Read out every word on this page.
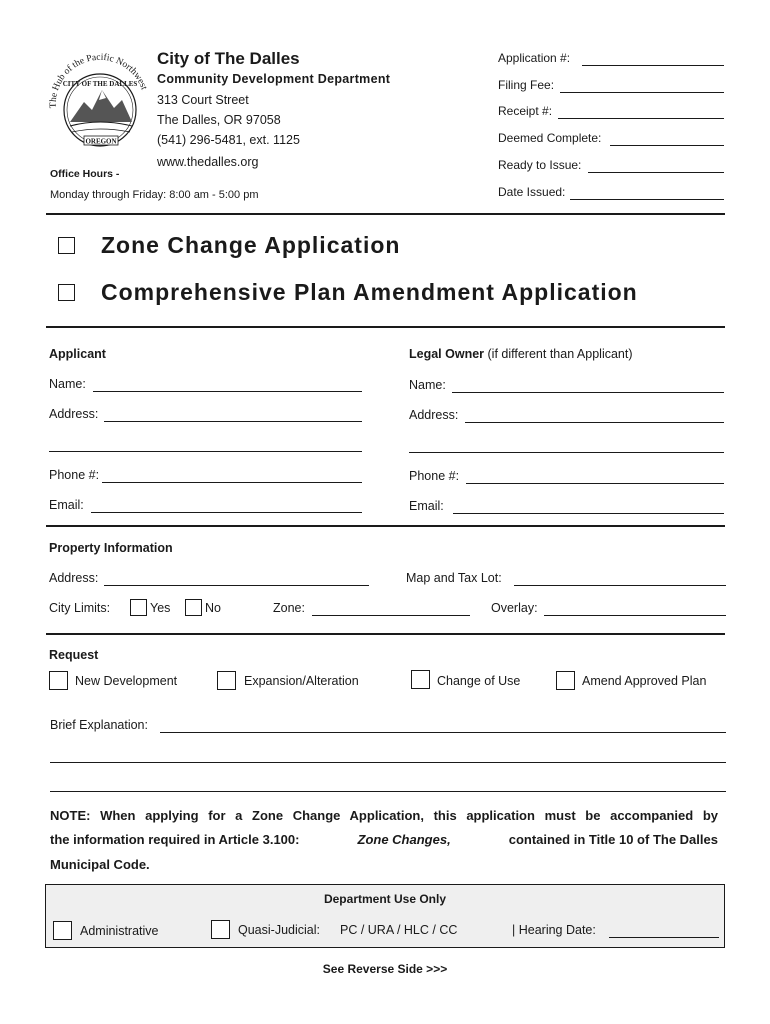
The Hub of the Pacific Northwest
CITY OF THE DALLES
OREGON
City of The Dalles
Community Development Department
313 Court Street
The Dalles, OR 97058
(541) 296-5481, ext. 1125
www.thedalles.org
Office Hours -
Monday through Friday: 8:00 am - 5:00 pm
Application #:
Filing Fee:
Receipt #:
Deemed Complete:
Ready to Issue:
Date Issued:
Zone Change Application
Comprehensive Plan Amendment Application
Applicant
Name:
Address:
Phone #:
Email:
Legal Owner (if different than Applicant)
Name:
Address:
Phone #:
Email:
Property Information
Address:	Map and Tax Lot:
City Limits:	Yes	No	Zone:	Overlay:
Request
New Development	Expansion/Alteration	Change of Use	Amend Approved Plan
Brief Explanation:
NOTE: When applying for a Zone Change Application, this application must be accompanied by
the information required in Article 3.100:	Zone Changes,	contained in Title 10 of The Dalles
Municipal Code.
Department Use Only
Administrative	Quasi-Judicial: PC / URA / HLC / CC	| Hearing Date:
See Reverse Side >>>
